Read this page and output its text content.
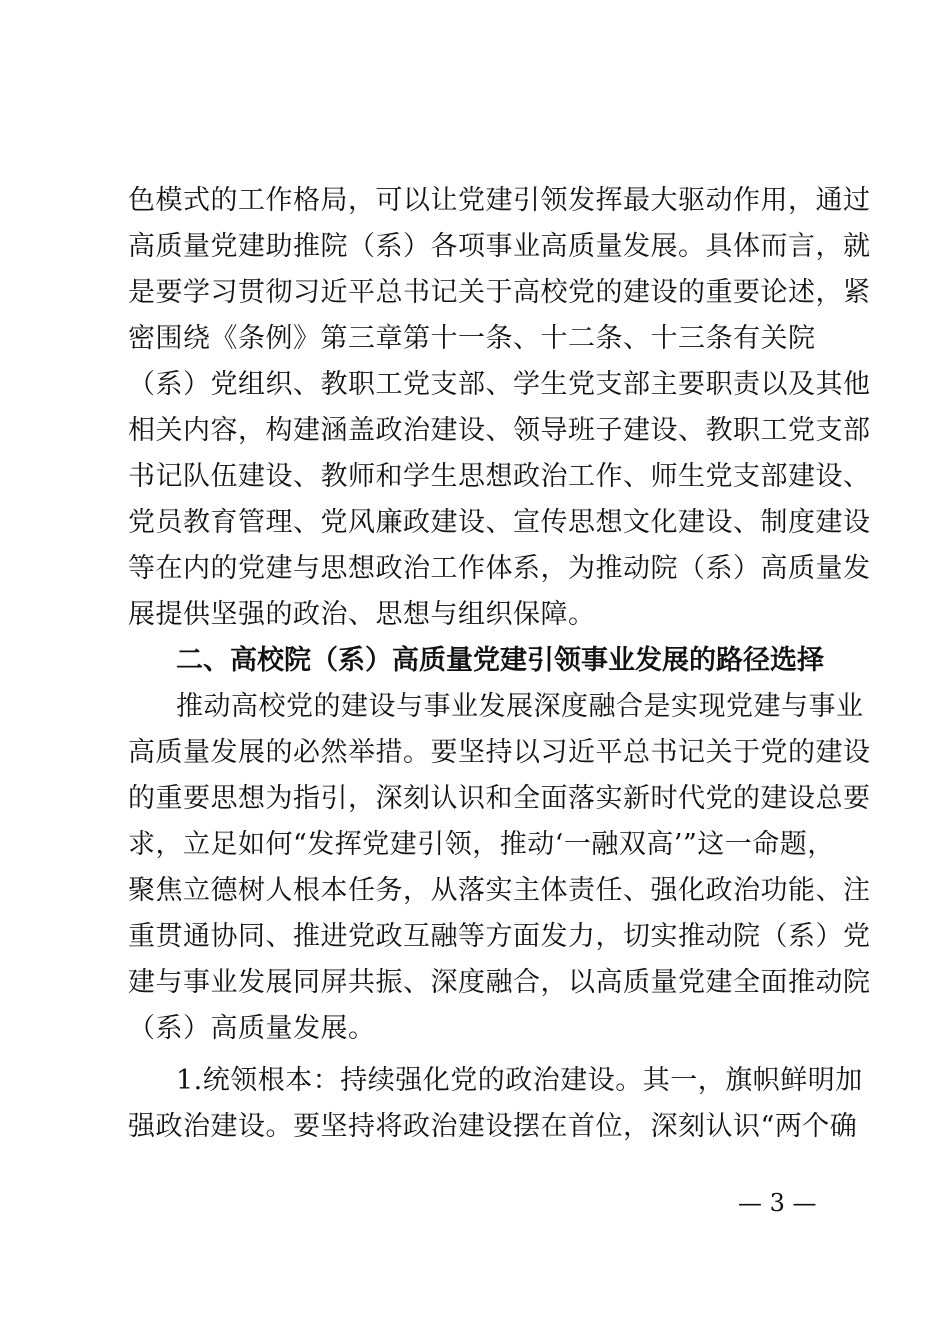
色模式的工作格局，可以让党建引领发挥最大驱动作用，通过
高质量党建助推院（系）各项事业高质量发展。具体而言，就
是要学习贯彻习近平总书记关于高校党的建设的重要论述，紧
密围绕《条例》第三章第十一条、十二条、十三条有关院
（系）党组织、教职工党支部、学生党支部主要职责以及其他
相关内容，构建涵盖政治建设、领导班子建设、教职工党支部
书记队伍建设、教师和学生思想政治工作、师生党支部建设、
党员教育管理、党风廉政建设、宣传思想文化建设、制度建设
等在内的党建与思想政治工作体系，为推动院（系）高质量发
展提供坚强的政治、思想与组织保障。
二、高校院（系）高质量党建引领事业发展的路径选择
推动高校党的建设与事业发展深度融合是实现党建与事业
高质量发展的必然举措。要坚持以习近平总书记关于党的建设
的重要思想为指引，深刻认识和全面落实新时代党的建设总要
求，立足如何“发挥党建引领，推动‘一融双高’”这一命题，
聚焦立德树人根本任务，从落实主体责任、强化政治功能、注
重贯通协同、推进党政互融等方面发力，切实推动院（系）党
建与事业发展同屏共振、深度融合，以高质量党建全面推动院
（系）高质量发展。
1.统领根本：持续强化党的政治建设。其一，旗帜鲜明加
强政治建设。要坚持将政治建设摆在首位，深刻认识“两个确
— 3 —
